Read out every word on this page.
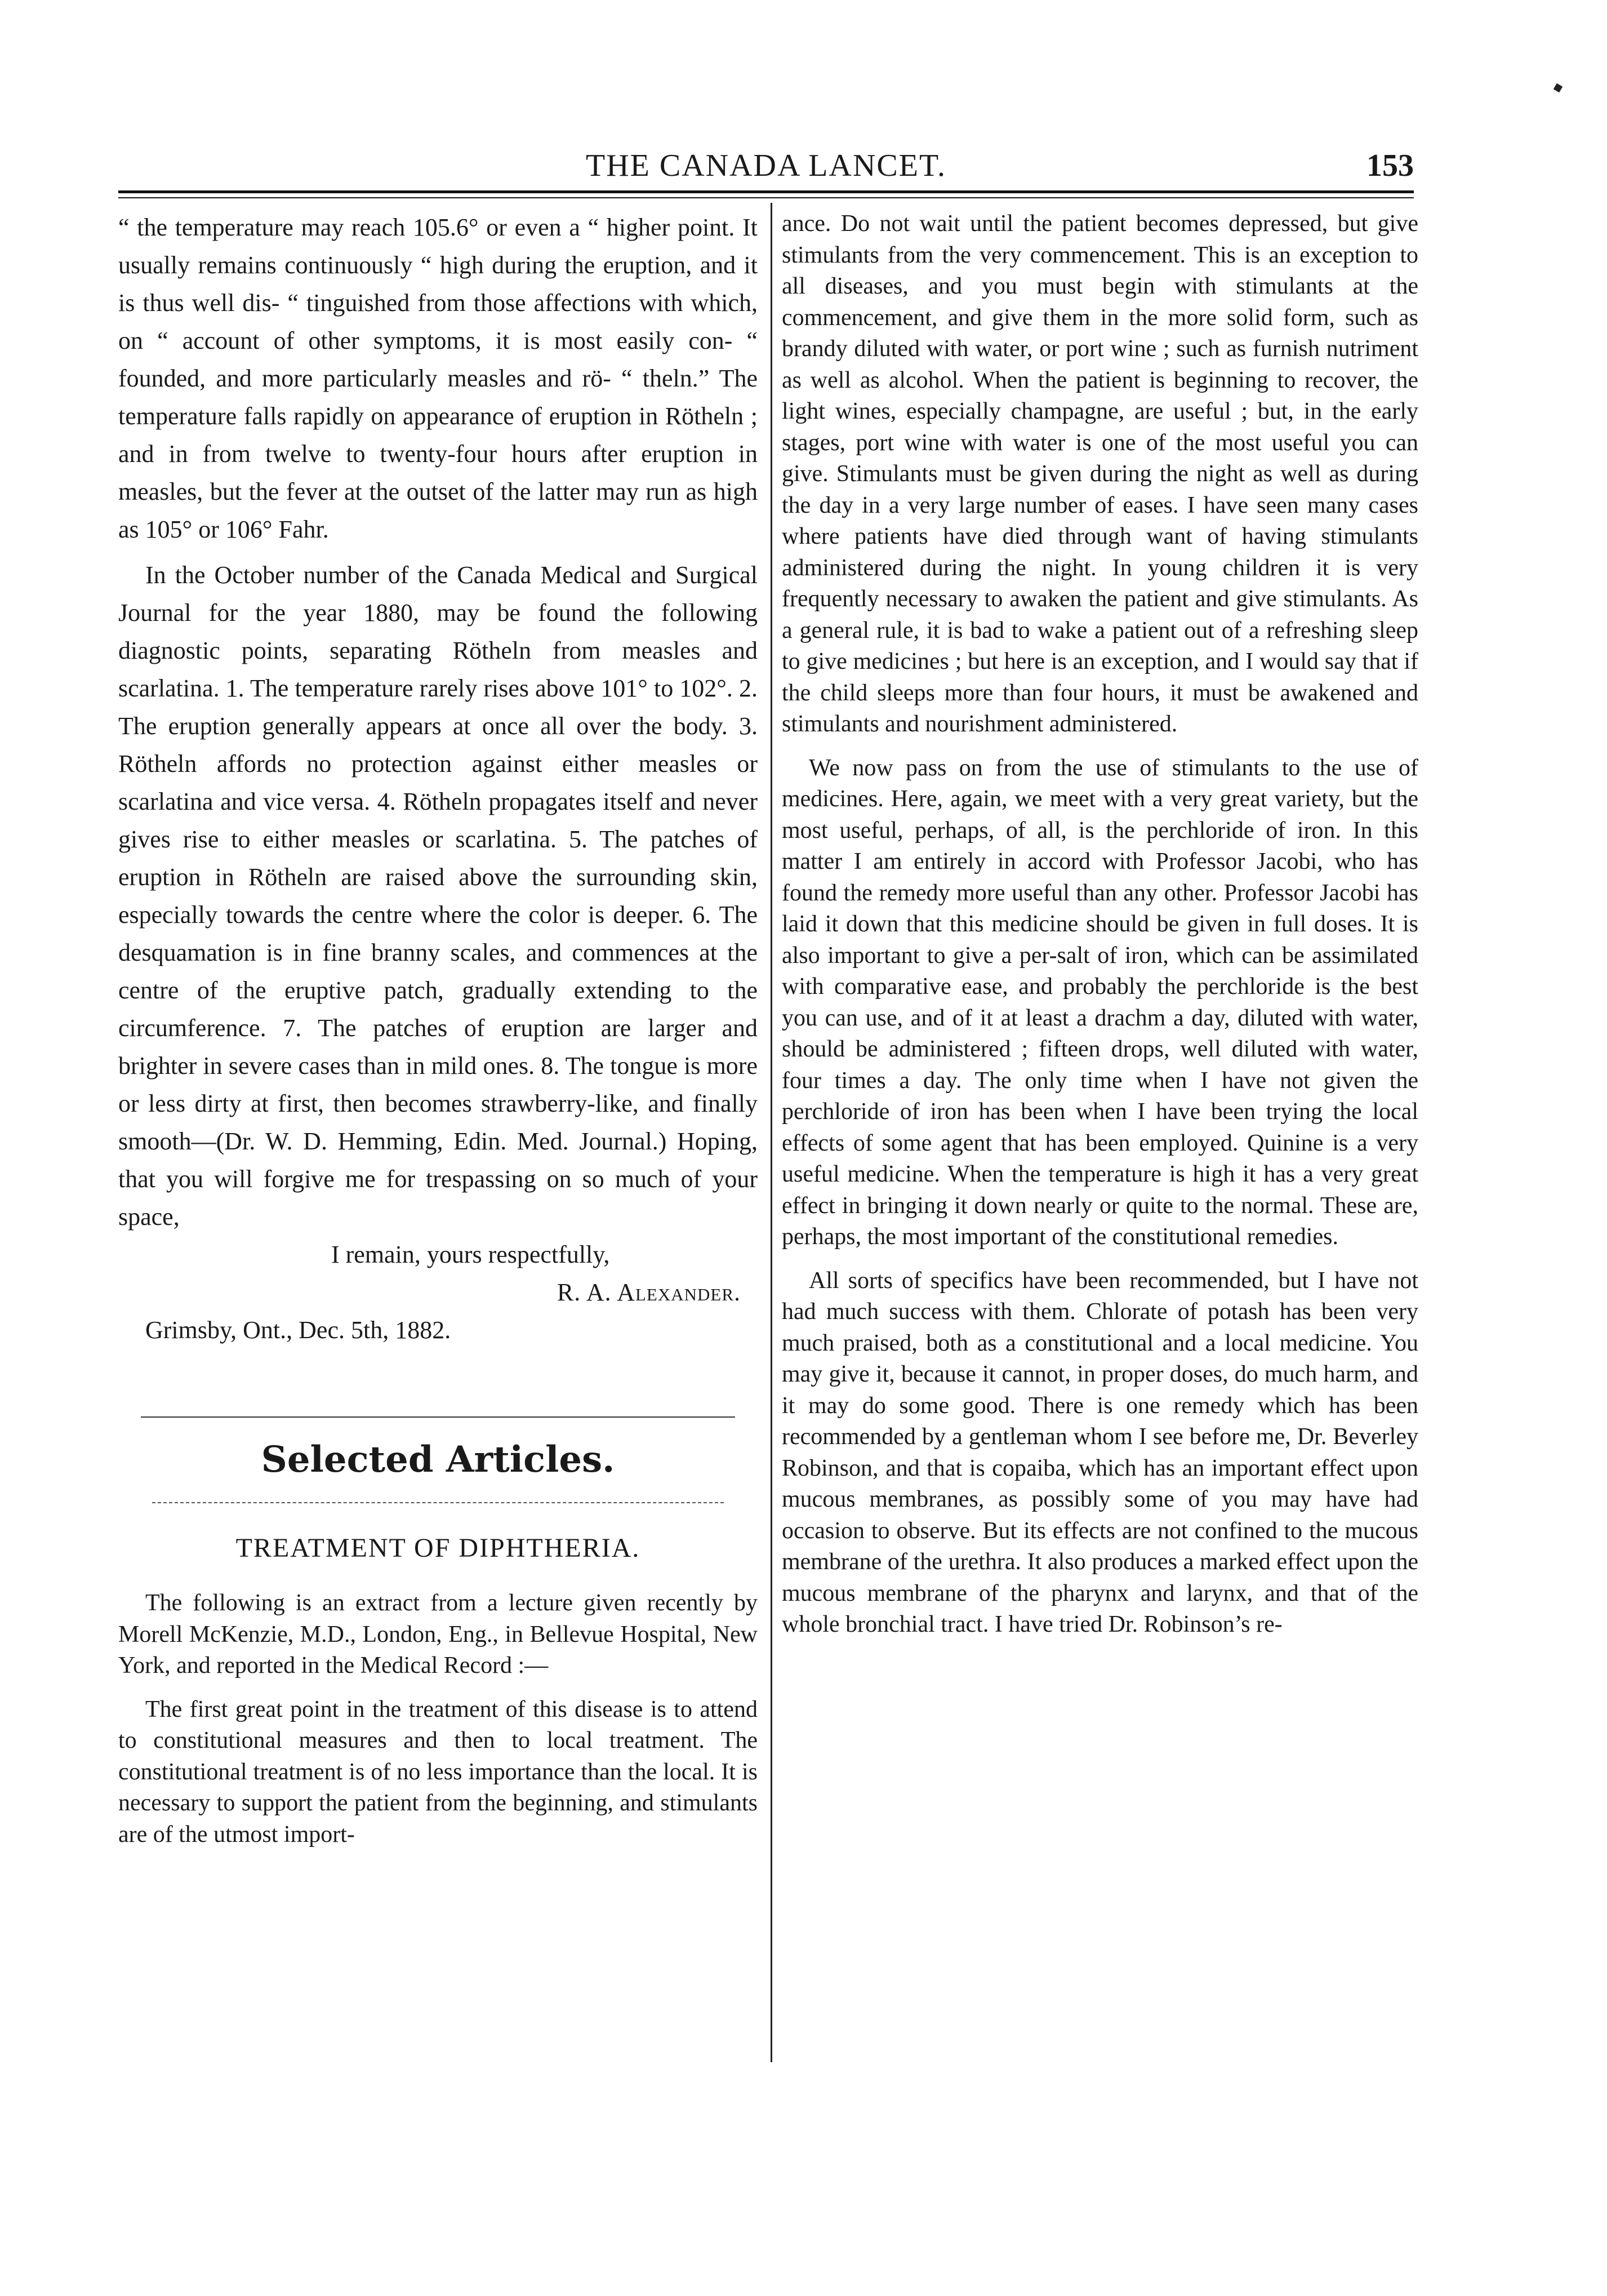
THE CANADA LANCET.	153

“ the temperature may reach 105.6° or even a “ higher point. It usually remains continuously “ high during the eruption, and it is thus well dis- “ tinguished from those affections with which, on “ account of other symptoms, it is most easily con- “ founded, and more particularly measles and rö- “ theln.” The temperature falls rapidly on appearance of eruption in Rötheln ; and in from twelve to twenty-four hours after eruption in measles, but the fever at the outset of the latter may run as high as 105° or 106° Fahr.

In the October number of the Canada Medical and Surgical Journal for the year 1880, may be found the following diagnostic points, separating Rötheln from measles and scarlatina. 1. The temperature rarely rises above 101° to 102°. 2. The eruption generally appears at once all over the body. 3. Rötheln affords no protection against either measles or scarlatina and vice versa. 4. Rötheln propagates itself and never gives rise to either measles or scarlatina. 5. The patches of eruption in Rötheln are raised above the surrounding skin, especially towards the centre where the color is deeper. 6. The desquamation is in fine branny scales, and commences at the centre of the eruptive patch, gradually extending to the circumference. 7. The patches of eruption are larger and brighter in severe cases than in mild ones. 8. The tongue is more or less dirty at first, then becomes strawberry-like, and finally smooth—(Dr. W. D. Hemming, Edin. Med. Journal.) Hoping, that you will forgive me for trespassing on so much of your space,

I remain, yours respectfully,

R. A. Alexander.

Grimsby, Ont., Dec. 5th, 1882.

Selected Articles.
TREATMENT OF DIPHTHERIA.

The following is an extract from a lecture given recently by Morell McKenzie, M.D., London, Eng., in Bellevue Hospital, New York, and reported in the Medical Record :—

The first great point in the treatment of this disease is to attend to constitutional measures and then to local treatment. The constitutional treatment is of no less importance than the local. It is necessary to support the patient from the beginning, and stimulants are of the utmost import-

ance. Do not wait until the patient becomes depressed, but give stimulants from the very commencement. This is an exception to all diseases, and you must begin with stimulants at the commencement, and give them in the more solid form, such as brandy diluted with water, or port wine ; such as furnish nutriment as well as alcohol. When the patient is beginning to recover, the light wines, especially champagne, are useful ; but, in the early stages, port wine with water is one of the most useful you can give. Stimulants must be given during the night as well as during the day in a very large number of eases. I have seen many cases where patients have died through want of having stimulants administered during the night. In young children it is very frequently necessary to awaken the patient and give stimulants. As a general rule, it is bad to wake a patient out of a refreshing sleep to give medicines ; but here is an exception, and I would say that if the child sleeps more than four hours, it must be awakened and stimulants and nourishment administered.

We now pass on from the use of stimulants to the use of medicines. Here, again, we meet with a very great variety, but the most useful, perhaps, of all, is the perchloride of iron. In this matter I am entirely in accord with Professor Jacobi, who has found the remedy more useful than any other. Professor Jacobi has laid it down that this medicine should be given in full doses. It is also important to give a per-salt of iron, which can be assimilated with comparative ease, and probably the perchloride is the best you can use, and of it at least a drachm a day, diluted with water, should be administered ; fifteen drops, well diluted with water, four times a day. The only time when I have not given the perchloride of iron has been when I have been trying the local effects of some agent that has been employed. Quinine is a very useful medicine. When the temperature is high it has a very great effect in bringing it down nearly or quite to the normal. These are, perhaps, the most important of the constitutional remedies.

All sorts of specifics have been recommended, but I have not had much success with them. Chlorate of potash has been very much praised, both as a constitutional and a local medicine. You may give it, because it cannot, in proper doses, do much harm, and it may do some good. There is one remedy which has been recommended by a gentleman whom I see before me, Dr. Beverley Robinson, and that is copaiba, which has an important effect upon mucous membranes, as possibly some of you may have had occasion to observe. But its effects are not confined to the mucous membrane of the urethra. It also produces a marked effect upon the mucous membrane of the pharynx and larynx, and that of the whole bronchial tract. I have tried Dr. Robinson’s re-
